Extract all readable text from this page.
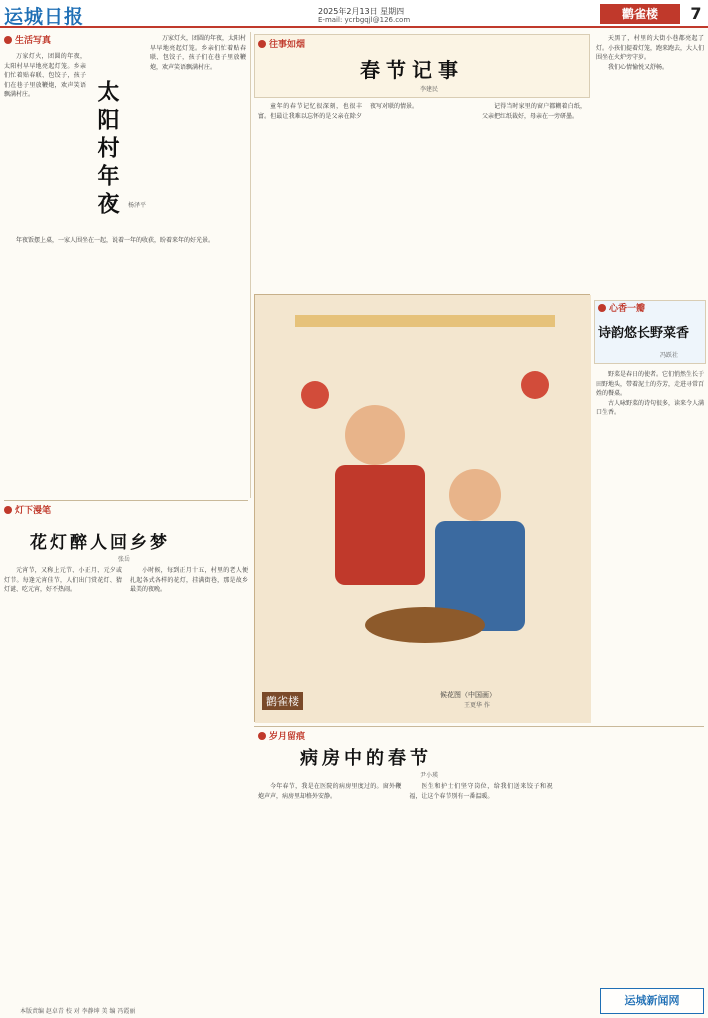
运城日报	2025年2月13日 星期四
E-mail: ycrbgqjl@126.com	鹳雀楼	7
生活写真

万家灯火，团圆的年夜，太阳村早早地亮起灯笼。乡亲们忙着贴春联、包饺子，孩子们在巷子里放鞭炮，欢声笑语飘满村庄。	太阳村年夜	杨泽平

年夜饭摆上桌，一家人围坐在一起，说着一年的收获，盼着来年的好光景。

万家灯火，团圆的年夜，太阳村早早地亮起灯笼。乡亲们忙着贴春联、包饺子，孩子们在巷子里放鞭炮，欢声笑语飘满村庄。

往事如烟
春节记事
李建民

童年的春节记忆很深刻，也很丰富。但最让我难以忘怀的是父亲在除夕夜写对联的情景。	记得当时家里的窗户都糊着白纸，父亲把红纸裁好，母亲在一旁研墨。

天黑了，村里的大街小巷都亮起了灯。小孩们提着灯笼，跑来跑去，大人们围坐在火炉旁守岁。

我们心情愉悦又舒畅。

鹳雀楼	候花图（中国画）
王更华 作
心香一瓣
诗韵悠长野菜香
冯跃社

野菜是春日的使者。它们悄然生长于田野地头，带着泥土的芬芳，走进寻常百姓的餐桌。

古人咏野菜的诗句很多，读来令人满口生香。

灯下漫笔
花灯醉人回乡梦
张岳

元宵节，又称上元节、小正月、元夕或灯节。每逢元宵佳节，人们出门赏花灯、猜灯谜、吃元宵，好不热闹。

小时候，每到正月十五，村里的老人便扎起各式各样的花灯，挂满街巷，那是故乡最美的夜晚。

岁月留痕
病房中的春节
尹小瑛

今年春节，我是在医院的病房里度过的。窗外鞭炮声声，病房里却格外安静。

医生和护士们坚守岗位，给我们送来饺子和祝福，让这个春节别有一番温暖。

本版责编 赵卓青 校 对 李静坤 美 编 冯霞丽
运城新闻网
